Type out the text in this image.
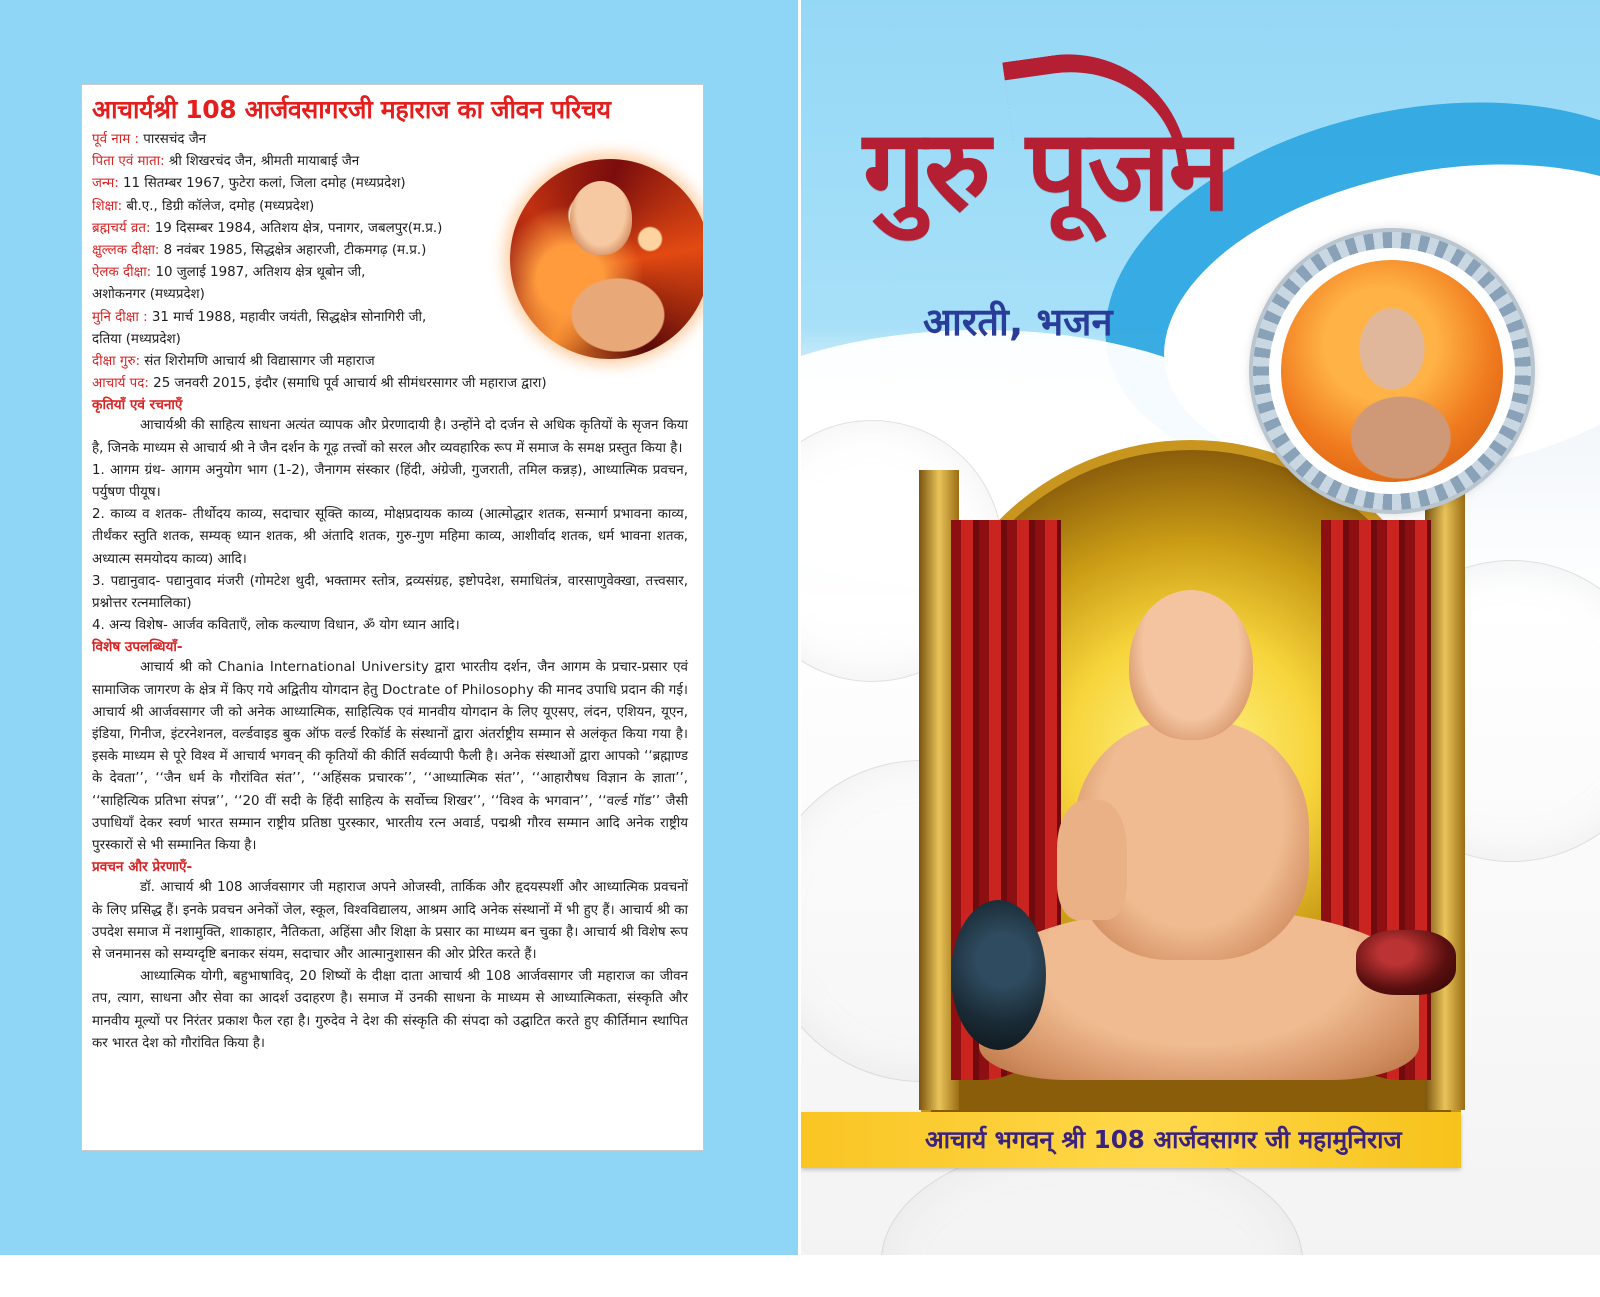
आचार्यश्री 108 आर्जवसागरजी महाराज का जीवन परिचय
पूर्व नाम : पारसचंद जैन
पिता एवं माता: श्री शिखरचंद जैन, श्रीमती मायाबाई जैन
जन्म: 11 सितम्बर 1967, फुटेरा कलां, जिला दमोह (मध्यप्रदेश)
शिक्षा: बी.ए., डिग्री कॉलेज, दमोह (मध्यप्रदेश)
ब्रह्मचर्य व्रत: 19 दिसम्बर 1984, अतिशय क्षेत्र, पनागर, जबलपुर(म.प्र.)
क्षुल्लक दीक्षा: 8 नवंबर 1985, सिद्धक्षेत्र अहारजी, टीकमगढ़ (म.प्र.)
ऐलक दीक्षा: 10 जुलाई 1987, अतिशय क्षेत्र थूबोन जी,
अशोकनगर (मध्यप्रदेश)
मुनि दीक्षा : 31 मार्च 1988, महावीर जयंती, सिद्धक्षेत्र सोनागिरी जी,
दतिया (मध्यप्रदेश)
दीक्षा गुरु: संत शिरोमणि आचार्य श्री विद्यासागर जी महाराज
आचार्य पद: 25 जनवरी 2015, इंदौर (समाधि पूर्व आचार्य श्री सीमंधरसागर जी महाराज द्वारा)
कृतियाँ एवं रचनाएँ

आचार्यश्री की साहित्य साधना अत्यंत व्यापक और प्रेरणादायी है। उन्होंने दो दर्जन से अधिक कृतियों के सृजन किया है, जिनके माध्यम से आचार्य श्री ने जैन दर्शन के गूढ़ तत्त्वों को सरल और व्यवहारिक रूप में समाज के समक्ष प्रस्तुत किया है।

1. आगम ग्रंथ- आगम अनुयोग भाग (1-2), जैनागम संस्कार (हिंदी, अंग्रेजी, गुजराती, तमिल कन्नड़), आध्यात्मिक प्रवचन, पर्युषण पीयूष।

2. काव्य व शतक- तीर्थोदय काव्य, सदाचार सूक्ति काव्य, मोक्षप्रदायक काव्य (आत्मोद्धार शतक, सन्मार्ग प्रभावना काव्य, तीर्थंकर स्तुति शतक, सम्यक् ध्यान शतक, श्री अंतादि शतक, गुरु-गुण महिमा काव्य, आशीर्वाद शतक, धर्म भावना शतक, अध्यात्म समयोदय काव्य) आदि।

3. पद्यानुवाद- पद्यानुवाद मंजरी (गोमटेश थुदी, भक्तामर स्तोत्र, द्रव्यसंग्रह, इष्टोपदेश, समाधितंत्र, वारसाणुवेक्खा, तत्त्वसार, प्रश्नोत्तर रत्नमालिका)

4. अन्य विशेष- आर्जव कविताएँ, लोक कल्याण विधान, ॐ योग ध्यान आदि।

विशेष उपलब्धियाँ-

आचार्य श्री को Chania International University द्वारा भारतीय दर्शन, जैन आगम के प्रचार-प्रसार एवं सामाजिक जागरण के क्षेत्र में किए गये अद्वितीय योगदान हेतु Doctrate of Philosophy की मानद उपाधि प्रदान की गई। आचार्य श्री आर्जवसागर जी को अनेक आध्यात्मिक, साहित्यिक एवं मानवीय योगदान के लिए यूएसए, लंदन, एशियन, यूएन, इंडिया, गिनीज, इंटरनेशनल, वर्ल्डवाइड बुक ऑफ वर्ल्ड रिकॉर्ड के संस्थानों द्वारा अंतर्राष्ट्रीय सम्मान से अलंकृत किया गया है। इसके माध्यम से पूरे विश्व में आचार्य भगवन् की कृतियों की कीर्ति सर्वव्यापी फैली है। अनेक संस्थाओं द्वारा आपको ‘‘ब्रह्माण्ड के देवता’’, ‘‘जैन धर्म के गौरांवित संत’’, ‘‘अहिंसक प्रचारक’’, ‘‘आध्यात्मिक संत’’, ‘‘आहारौषध विज्ञान के ज्ञाता’’, ‘‘साहित्यिक प्रतिभा संपन्न’’, ‘‘20 वीं सदी के हिंदी साहित्य के सर्वोच्च शिखर’’, ‘‘विश्व के भगवान’’, ‘‘वर्ल्ड गॉड’’ जैसी उपाधियाँ देकर स्वर्ण भारत सम्मान राष्ट्रीय प्रतिष्ठा पुरस्कार, भारतीय रत्न अवार्ड, पद्मश्री गौरव सम्मान आदि अनेक राष्ट्रीय पुरस्कारों से भी सम्मानित किया है।

प्रवचन और प्रेरणाएँ-

डॉ. आचार्य श्री 108 आर्जवसागर जी महाराज अपने ओजस्वी, तार्किक और हृदयस्पर्शी और आध्यात्मिक प्रवचनों के लिए प्रसिद्ध हैं। इनके प्रवचन अनेकों जेल, स्कूल, विश्वविद्यालय, आश्रम आदि अनेक संस्थानों में भी हुए हैं। आचार्य श्री का उपदेश समाज में नशामुक्ति, शाकाहार, नैतिकता, अहिंसा और शिक्षा के प्रसार का माध्यम बन चुका है। आचार्य श्री विशेष रूप से जनमानस को सम्यग्दृष्टि बनाकर संयम, सदाचार और आत्मानुशासन की ओर प्रेरित करते हैं।

आध्यात्मिक योगी, बहुभाषाविद्, 20 शिष्यों के दीक्षा दाता आचार्य श्री 108 आर्जवसागर जी महाराज का जीवन तप, त्याग, साधना और सेवा का आदर्श उदाहरण है। समाज में उनकी साधना के माध्यम से आध्यात्मिकता, संस्कृति और मानवीय मूल्यों पर निरंतर प्रकाश फैल रहा है। गुरुदेव ने देश की संस्कृति की संपदा को उद्घाटित करते हुए कीर्तिमान स्थापित कर भारत देश को गौरांवित किया है।

गुरु पूजन
आरती, भजन
आचार्य भगवन् श्री 108 आर्जवसागर जी महामुनिराज
